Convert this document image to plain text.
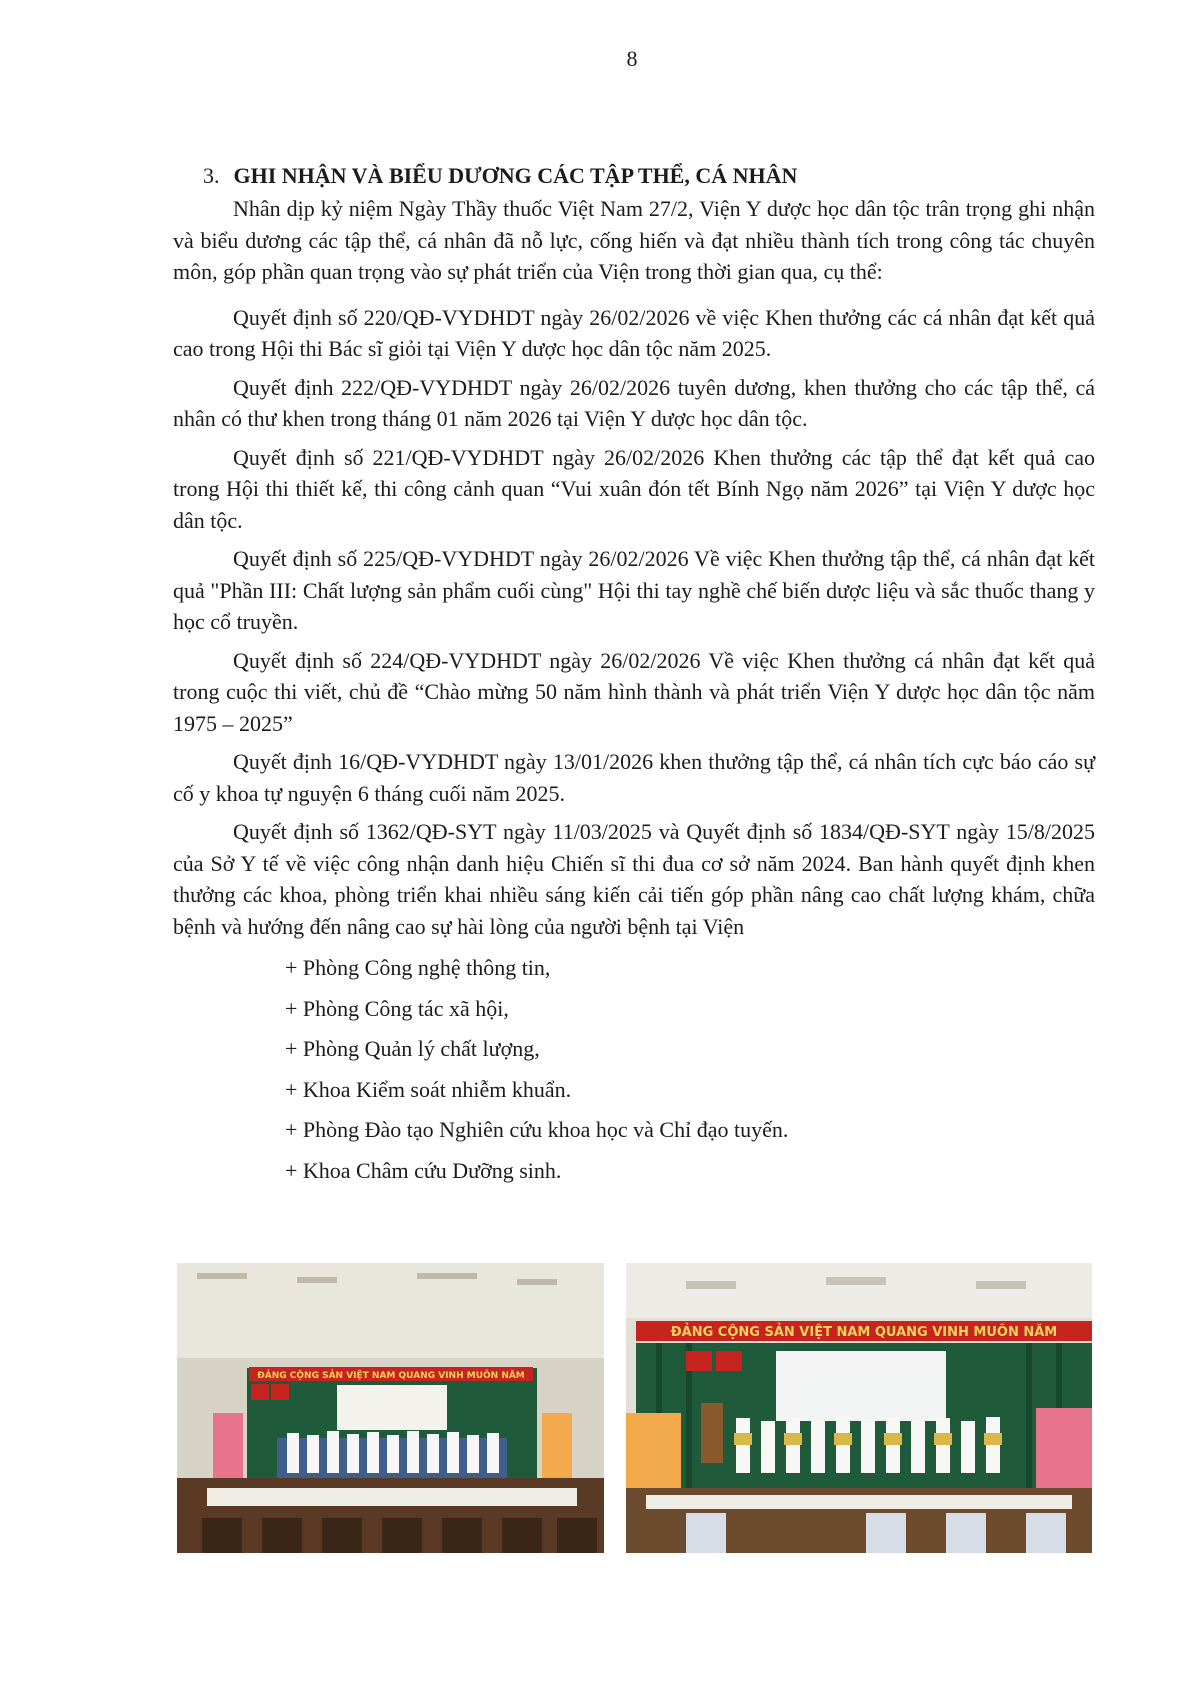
8
3. GHI NHẬN VÀ BIỂU DƯƠNG CÁC TẬP THỂ, CÁ NHÂN

Nhân dịp kỷ niệm Ngày Thầy thuốc Việt Nam 27/2, Viện Y dược học dân tộc trân trọng ghi nhận và biểu dương các tập thể, cá nhân đã nỗ lực, cống hiến và đạt nhiều thành tích trong công tác chuyên môn, góp phần quan trọng vào sự phát triển của Viện trong thời gian qua, cụ thể:

Quyết định số 220/QĐ-VYDHDT ngày 26/02/2026 về việc Khen thưởng các cá nhân đạt kết quả cao trong Hội thi Bác sĩ giỏi tại Viện Y dược học dân tộc năm 2025.

Quyết định 222/QĐ-VYDHDT ngày 26/02/2026 tuyên dương, khen thưởng cho các tập thể, cá nhân có thư khen trong tháng 01 năm 2026 tại Viện Y dược học dân tộc.

Quyết định số 221/QĐ-VYDHDT ngày 26/02/2026 Khen thưởng các tập thể đạt kết quả cao trong Hội thi thiết kế, thi công cảnh quan “Vui xuân đón tết Bính Ngọ năm 2026” tại Viện Y dược học dân tộc.

Quyết định số 225/QĐ-VYDHDT ngày 26/02/2026 Về việc Khen thưởng tập thể, cá nhân đạt kết quả "Phần III: Chất lượng sản phẩm cuối cùng" Hội thi tay nghề chế biến dược liệu và sắc thuốc thang y học cổ truyền.

Quyết định số 224/QĐ-VYDHDT ngày 26/02/2026 Về việc Khen thưởng cá nhân đạt kết quả trong cuộc thi viết, chủ đề “Chào mừng 50 năm hình thành và phát triển Viện Y dược học dân tộc năm 1975 – 2025”

Quyết định 16/QĐ-VYDHDT ngày 13/01/2026 khen thưởng tập thể, cá nhân tích cực báo cáo sự cố y khoa tự nguyện 6 tháng cuối năm 2025.

Quyết định số 1362/QĐ-SYT ngày 11/03/2025 và Quyết định số 1834/QĐ-SYT ngày 15/8/2025 của Sở Y tế về việc công nhận danh hiệu Chiến sĩ thi đua cơ sở năm 2024. Ban hành quyết định khen thưởng các khoa, phòng triển khai nhiều sáng kiến cải tiến góp phần nâng cao chất lượng khám, chữa bệnh và hướng đến nâng cao sự hài lòng của người bệnh tại Viện

+ Phòng Công nghệ thông tin,
+ Phòng Công tác xã hội,
+ Phòng Quản lý chất lượng,
+ Khoa Kiểm soát nhiễm khuẩn.
+ Phòng Đào tạo Nghiên cứu khoa học và Chỉ đạo tuyến.
+ Khoa Châm cứu Dưỡng sinh.
ĐẢNG CỘNG SẢN VIỆT NAM QUANG VINH MUÔN NĂM
ĐẢNG CỘNG SẢN VIỆT NAM QUANG VINH MUÔN NĂM
